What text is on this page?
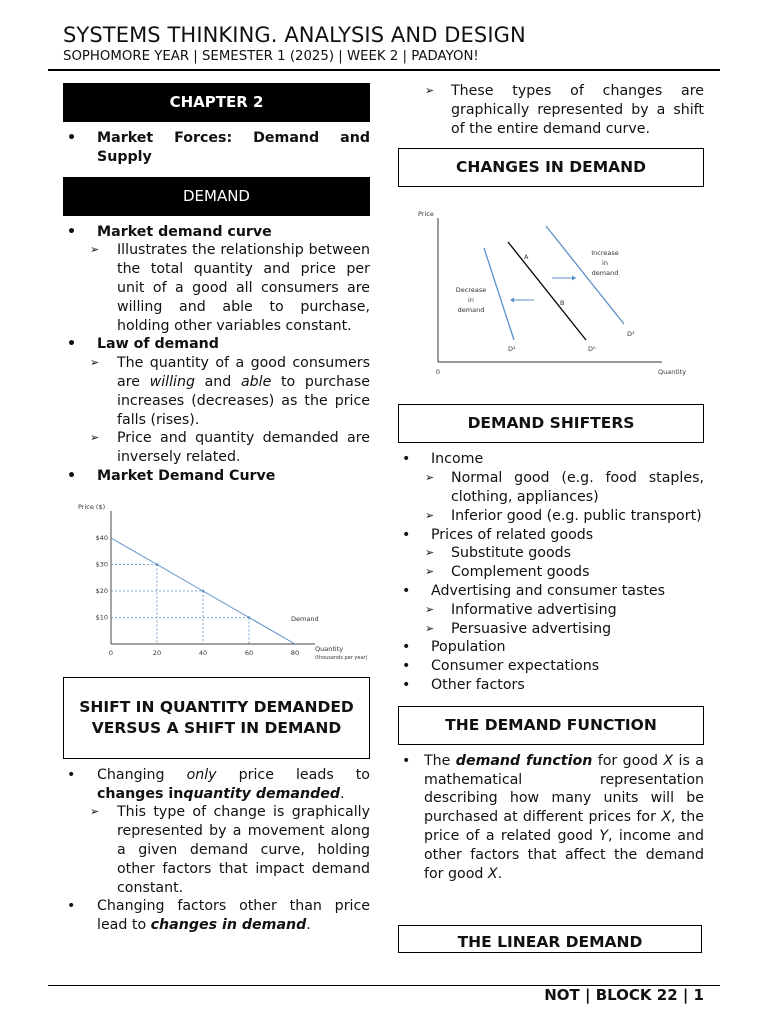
SYSTEMS THINKING. ANALYSIS AND DESIGN
SOPHOMORE YEAR | SEMESTER 1 (2025) | WEEK 2 | PADAYON!
CHAPTER 2
• Market Forces: Demand and Supply
DEMAND
• Market demand curve
➢ Illustrates the relationship between the total quantity and price per unit of a good all consumers are willing and able to purchase, holding other variables constant.
• Law of demand
➢ The quantity of a good consumers are willing and able to purchase increases (decreases) as the price falls (rises).
➢ Price and quantity demanded are inversely related.
• Market Demand Curve
Price ($)
Quantity
(thousands per year)
0	20	40	60	80
$10
$20
$30
$40
Demand
SHIFT IN QUANTITY DEMANDED VERSUS A SHIFT IN DEMAND
• Changing only price leads to changes inquantity demanded.
➢ This type of change is graphically represented by a movement along a given demand curve, holding other factors that impact demand constant.
• Changing factors other than price lead to changes in demand.
➢ These types of changes are graphically represented by a shift of the entire demand curve.
CHANGES IN DEMAND
Price
0	Quantity
D²	D⁰
D¹
A
B
Decrease
in
demand
Increase
in
demand
DEMAND SHIFTERS
• Income
➢ Normal good (e.g. food staples, clothing, appliances)
➢ Inferior good (e.g. public transport)
• Prices of related goods
➢ Substitute goods
➢ Complement goods
• Advertising and consumer tastes
➢ Informative advertising
➢ Persuasive advertising
• Population
• Consumer expectations
• Other factors
THE DEMAND FUNCTION
• The demand function for good X is a mathematical representation describing how many units will be purchased at different prices for X, the price of a related good Y, income and other factors that affect the demand for good X.
THE LINEAR DEMAND
NOT | BLOCK 22 | 1
